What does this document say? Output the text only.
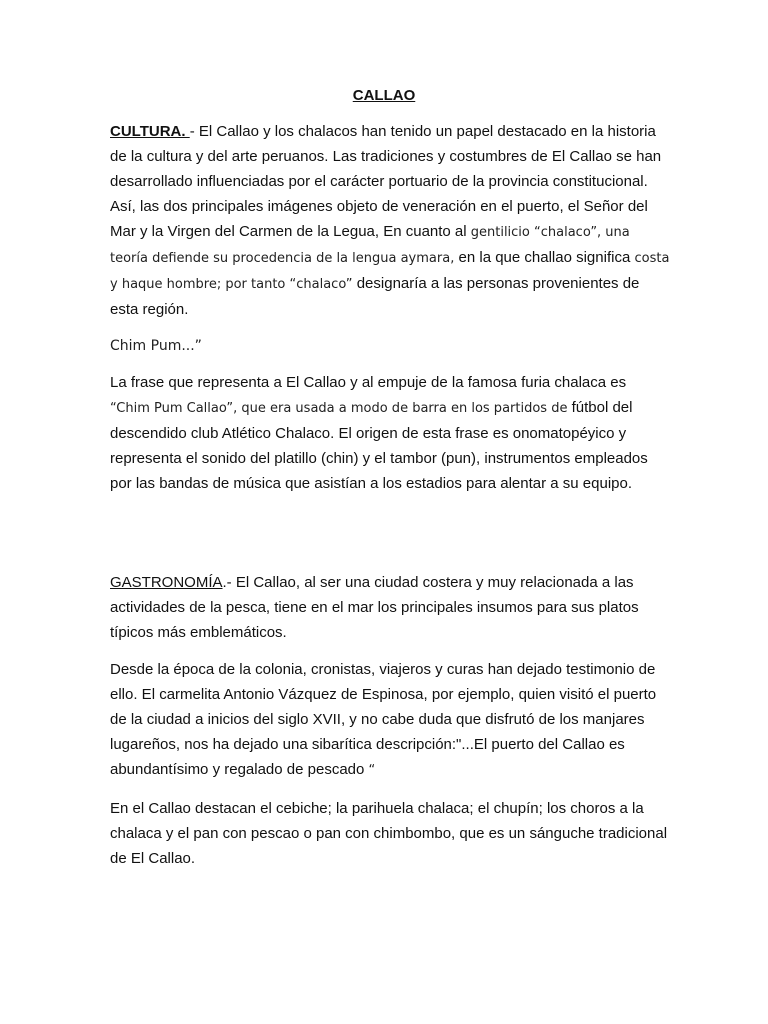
CALLAO

CULTURA. - El Callao y los chalacos han tenido un papel destacado en la historia de la cultura y del arte peruanos. Las tradiciones y costumbres de El Callao se han desarrollado influenciadas por el carácter portuario de la provincia constitucional. Así, las dos principales imágenes objeto de veneración en el puerto, el Señor del Mar y la Virgen del Carmen de la Legua, En cuanto al gentilicio “chalaco”, una teoría defiende su procedencia de la lengua aymara, en la que challao significa costa y haque hombre; por tanto “chalaco” designaría a las personas provenientes de esta región.

Chim Pum...”

La frase que representa a El Callao y al empuje de la famosa furia chalaca es “Chim Pum Callao”, que era usada a modo de barra en los partidos de fútbol del descendido club Atlético Chalaco. El origen de esta frase es onomatopéyico y representa el sonido del platillo (chin) y el tambor (pun), instrumentos empleados por las bandas de música que asistían a los estadios para alentar a su equipo.

GASTRONOMÍA.- El Callao, al ser una ciudad costera y muy relacionada a las actividades de la pesca, tiene en el mar los principales insumos para sus platos típicos más emblemáticos.

Desde la época de la colonia, cronistas, viajeros y curas han dejado testimonio de ello. El carmelita Antonio Vázquez de Espinosa, por ejemplo, quien visitó el puerto de la ciudad a inicios del siglo XVII, y no cabe duda que disfrutó de los manjares lugareños, nos ha dejado una sibarítica descripción:"...El puerto del Callao es abundantísimo y regalado de pescado “

En el Callao destacan el cebiche; la parihuela chalaca; el chupín; los choros a la chalaca y el pan con pescao o pan con chimbombo, que es un sánguche tradicional de El Callao.
